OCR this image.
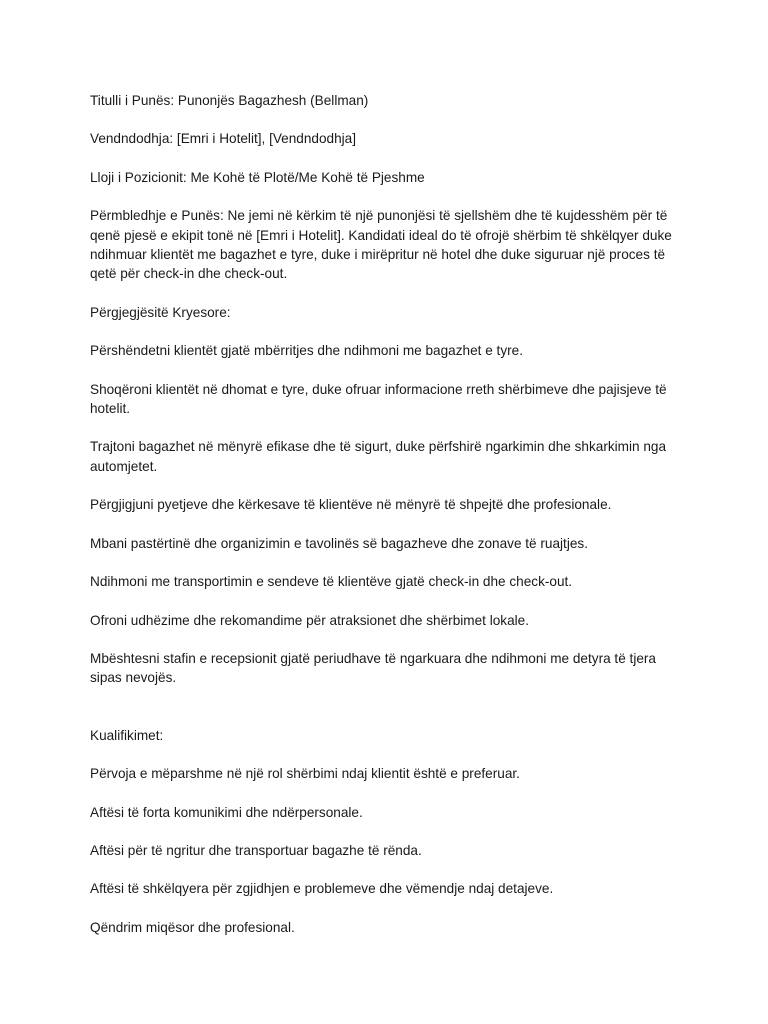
Titulli i Punës: Punonjës Bagazhesh (Bellman)

Vendndodhja: [Emri i Hotelit], [Vendndodhja]

Lloji i Pozicionit: Me Kohë të Plotë/Me Kohë të Pjeshme

Përmbledhje e Punës: Ne jemi në kërkim të një punonjësi të sjellshëm dhe të kujdesshëm për të qenë pjesë e ekipit tonë në [Emri i Hotelit]. Kandidati ideal do të ofrojë shërbim të shkëlqyer duke ndihmuar klientët me bagazhet e tyre, duke i mirëpritur në hotel dhe duke siguruar një proces të qetë për check-in dhe check-out.

Përgjegjësitë Kryesore:

Përshëndetni klientët gjatë mbërritjes dhe ndihmoni me bagazhet e tyre.

Shoqëroni klientët në dhomat e tyre, duke ofruar informacione rreth shërbimeve dhe pajisjeve të hotelit.

Trajtoni bagazhet në mënyrë efikase dhe të sigurt, duke përfshirë ngarkimin dhe shkarkimin nga automjetet.

Përgjigjuni pyetjeve dhe kërkesave të klientëve në mënyrë të shpejtë dhe profesionale.

Mbani pastërtinë dhe organizimin e tavolinës së bagazheve dhe zonave të ruajtjes.

Ndihmoni me transportimin e sendeve të klientëve gjatë check-in dhe check-out.

Ofroni udhëzime dhe rekomandime për atraksionet dhe shërbimet lokale.

Mbështesni stafin e recepsionit gjatë periudhave të ngarkuara dhe ndihmoni me detyra të tjera sipas nevojës.

Kualifikimet:

Përvoja e mëparshme në një rol shërbimi ndaj klientit është e preferuar.

Aftësi të forta komunikimi dhe ndërpersonale.

Aftësi për të ngritur dhe transportuar bagazhe të rënda.

Aftësi të shkëlqyera për zgjidhjen e problemeve dhe vëmendje ndaj detajeve.

Qëndrim miqësor dhe profesional.
